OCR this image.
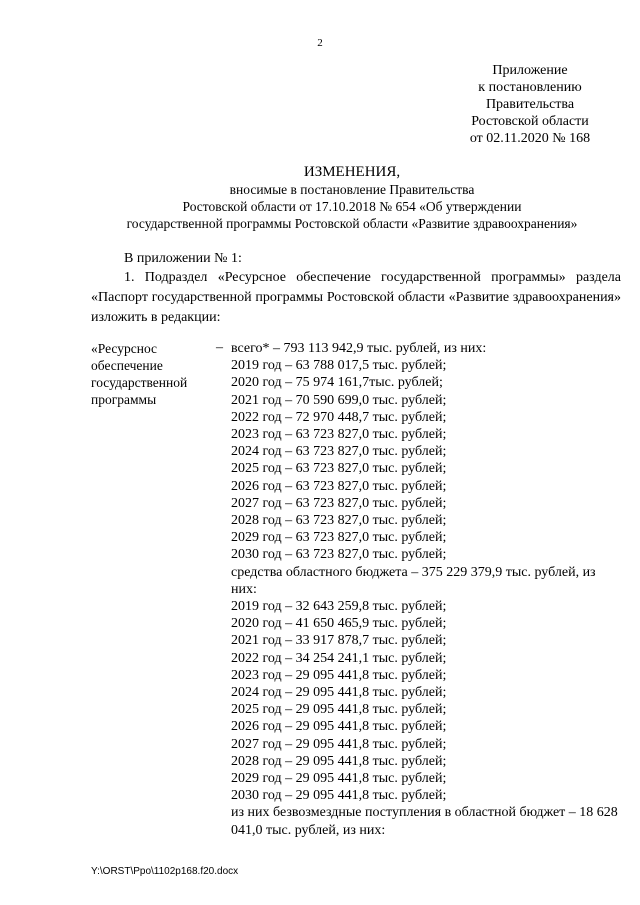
2
Приложение
к постановлению
Правительства
Ростовской области
от 02.11.2020 № 168
ИЗМЕНЕНИЯ,
вносимые в постановление Правительства
Ростовской области от 17.10.2018 № 654 «Об утверждении
государственной программы Ростовской области «Развитие здравоохранения»
В приложении № 1:
1. Подраздел «Ресурсное обеспечение государственной программы» раздела «Паспорт государственной программы Ростовской области «Развитие здравоохранения» изложить в редакции:
«Ресурснос
обеспечение
государственной
программы
– всего* – 793 113 942,9 тыс. рублей, из них:
2019 год – 63 788 017,5 тыс. рублей;
2020 год – 75 974 161,7тыс. рублей;
2021 год – 70 590 699,0 тыс. рублей;
2022 год – 72 970 448,7 тыс. рублей;
2023 год – 63 723 827,0 тыс. рублей;
2024 год – 63 723 827,0 тыс. рублей;
2025 год – 63 723 827,0 тыс. рублей;
2026 год – 63 723 827,0 тыс. рублей;
2027 год – 63 723 827,0 тыс. рублей;
2028 год – 63 723 827,0 тыс. рублей;
2029 год – 63 723 827,0 тыс. рублей;
2030 год – 63 723 827,0 тыс. рублей;
средства областного бюджета – 375 229 379,9 тыс. рублей, из них:
2019 год – 32 643 259,8 тыс. рублей;
2020 год – 41 650 465,9 тыс. рублей;
2021 год – 33 917 878,7 тыс. рублей;
2022 год – 34 254 241,1 тыс. рублей;
2023 год – 29 095 441,8 тыс. рублей;
2024 год – 29 095 441,8 тыс. рублей;
2025 год – 29 095 441,8 тыс. рублей;
2026 год – 29 095 441,8 тыс. рублей;
2027 год – 29 095 441,8 тыс. рублей;
2028 год – 29 095 441,8 тыс. рублей;
2029 год – 29 095 441,8 тыс. рублей;
2030 год – 29 095 441,8 тыс. рублей;
из них безвозмездные поступления в областной бюджет – 18 628 041,0 тыс. рублей, из них:
Y:\ORST\Ppo\1102p168.f20.docx
